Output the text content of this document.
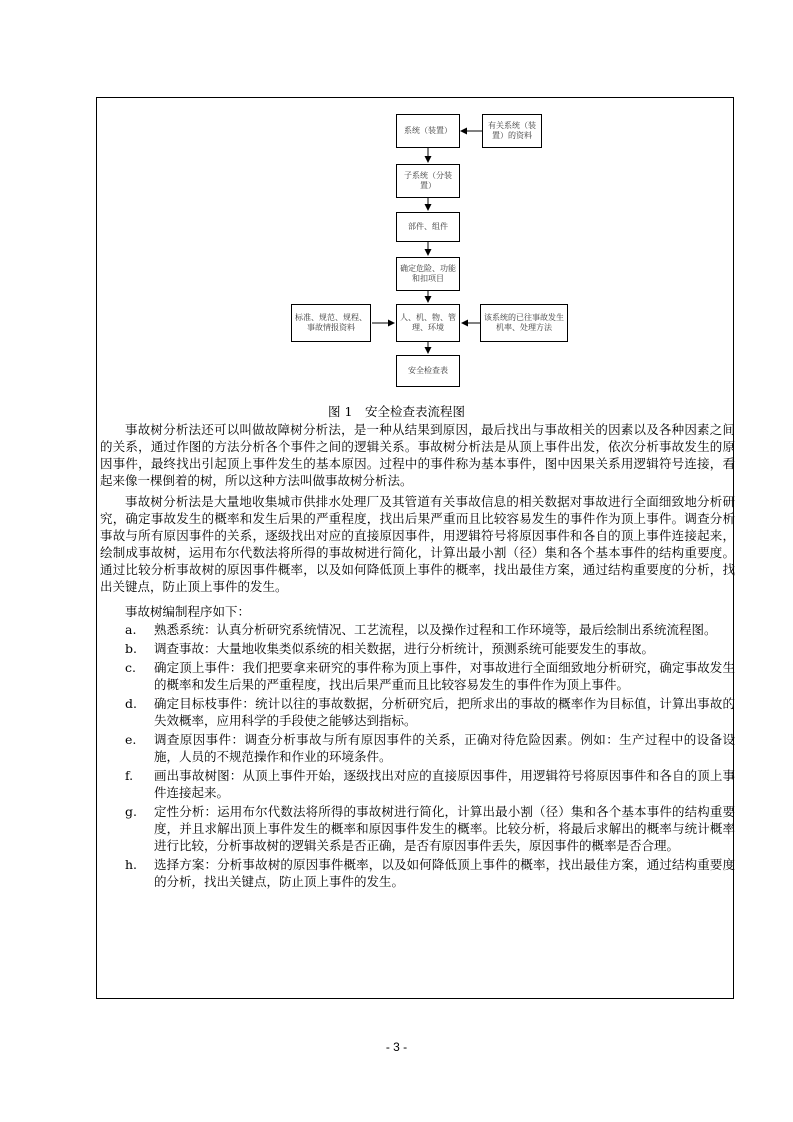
系统（装置）
有关系统（装置）的资料
子系统（分装置）
部件、组件
确定危险、功能和扣项目
人、机、物、管理、环境
标准、规范、规程、事故情报资料
该系统的已往事故发生机率、处理方法
安全检查表
图 1　安全检查表流程图

事故树分析法还可以叫做故障树分析法，是一种从结果到原因，最后找出与事故相关的因素以及各种因素之间的关系，通过作图的方法分析各个事件之间的逻辑关系。事故树分析法是从顶上事件出发，依次分析事故发生的原因事件，最终找出引起顶上事件发生的基本原因。过程中的事件称为基本事件，图中因果关系用逻辑符号连接，看起来像一棵倒着的树，所以这种方法叫做事故树分析法。

事故树分析法是大量地收集城市供排水处理厂及其管道有关事故信息的相关数据对事故进行全面细致地分析研究，确定事故发生的概率和发生后果的严重程度，找出后果严重而且比较容易发生的事件作为顶上事件。调查分析事故与所有原因事件的关系，逐级找出对应的直接原因事件，用逻辑符号将原因事件和各自的顶上事件连接起来，绘制成事故树，运用布尔代数法将所得的事故树进行简化，计算出最小割（径）集和各个基本事件的结构重要度。通过比较分析事故树的原因事件概率，以及如何降低顶上事件的概率，找出最佳方案，通过结构重要度的分析，找出关键点，防止顶上事件的发生。

事故树编制程序如下：

a. 熟悉系统：认真分析研究系统情况、工艺流程，以及操作过程和工作环境等，最后绘制出系统流程图。
b. 调查事故：大量地收集类似系统的相关数据，进行分析统计，预测系统可能要发生的事故。
c. 确定顶上事件：我们把要拿来研究的事件称为顶上事件，对事故进行全面细致地分析研究，确定事故发生的概率和发生后果的严重程度，找出后果严重而且比较容易发生的事件作为顶上事件。
d. 确定目标枝事件：统计以往的事故数据，分析研究后，把所求出的事故的概率作为目标值，计算出事故的失效概率，应用科学的手段使之能够达到指标。
e. 调查原因事件：调查分析事故与所有原因事件的关系，正确对待危险因素。例如：生产过程中的设备设施，人员的不规范操作和作业的环境条件。
f. 画出事故树图：从顶上事件开始，逐级找出对应的直接原因事件，用逻辑符号将原因事件和各自的顶上事件连接起来。
g. 定性分析：运用布尔代数法将所得的事故树进行简化，计算出最小割（径）集和各个基本事件的结构重要度，并且求解出顶上事件发生的概率和原因事件发生的概率。比较分析，将最后求解出的概率与统计概率进行比较，分析事故树的逻辑关系是否正确，是否有原因事件丢失，原因事件的概率是否合理。
h. 选择方案：分析事故树的原因事件概率，以及如何降低顶上事件的概率，找出最佳方案，通过结构重要度的分析，找出关键点，防止顶上事件的发生。
- 3 -
